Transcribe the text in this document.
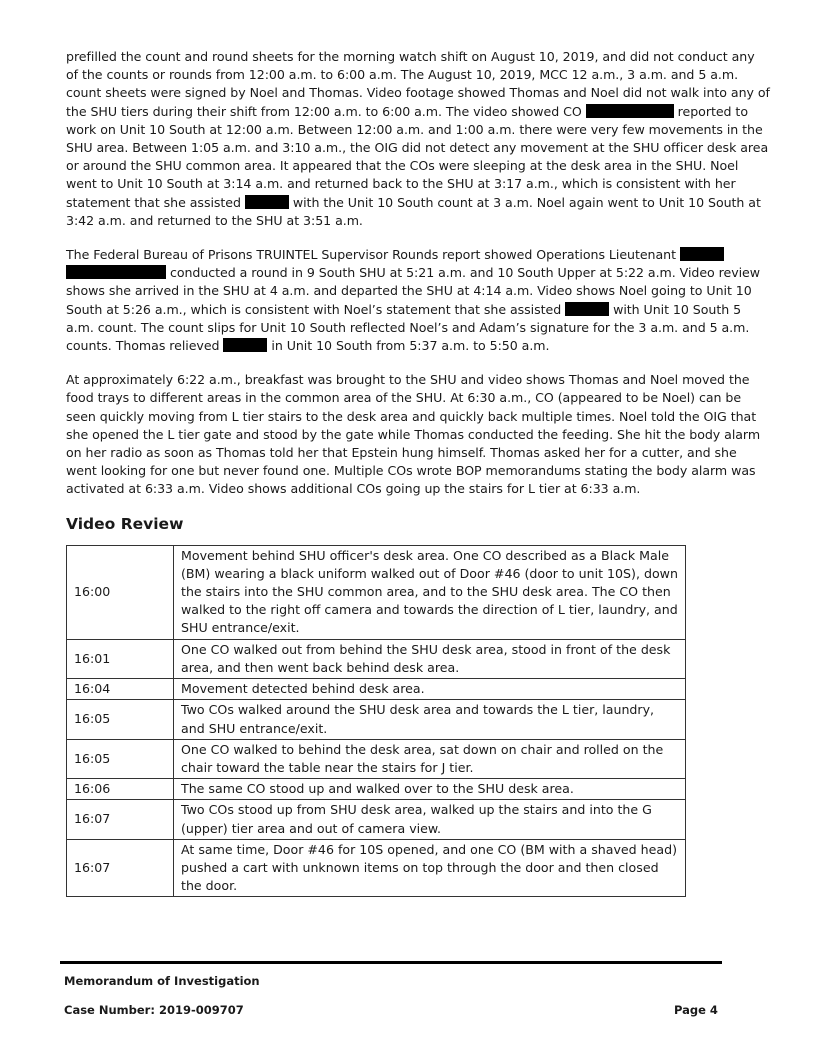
prefilled the count and round sheets for the morning watch shift on August 10, 2019, and did not conduct any of the counts or rounds from 12:00 a.m. to 6:00 a.m. The August 10, 2019, MCC 12 a.m., 3 a.m. and 5 a.m. count sheets were signed by Noel and Thomas. Video footage showed Thomas and Noel did not walk into any of the SHU tiers during their shift from 12:00 a.m. to 6:00 a.m. The video showed CO	reported to work on Unit 10 South at 12:00 a.m. Between 12:00 a.m. and 1:00 a.m. there were very few movements in the SHU area. Between 1:05 a.m. and 3:10 a.m., the OIG did not detect any movement at the SHU officer desk area or around the SHU common area. It appeared that the COs were sleeping at the desk area in the SHU. Noel went to Unit 10 South at 3:14 a.m. and returned back to the SHU at 3:17 a.m., which is consistent with her statement that she assisted	with the Unit 10 South count at 3 a.m. Noel again went to Unit 10 South at 3:42 a.m. and returned to the SHU at 3:51 a.m.

The Federal Bureau of Prisons TRUINTEL Supervisor Rounds report showed Operations Lieutenant   conducted a round in 9 South SHU at 5:21 a.m. and 10 South Upper at 5:22 a.m. Video review shows she arrived in the SHU at 4 a.m. and departed the SHU at 4:14 a.m. Video shows Noel going to Unit 10 South at 5:26 a.m., which is consistent with Noel’s statement that she assisted	with Unit 10 South 5 a.m. count. The count slips for Unit 10 South reflected Noel’s and Adam’s signature for the 3 a.m. and 5 a.m. counts. Thomas relieved	in Unit 10 South from 5:37 a.m. to 5:50 a.m.

At approximately 6:22 a.m., breakfast was brought to the SHU and video shows Thomas and Noel moved the food trays to different areas in the common area of the SHU. At 6:30 a.m., CO (appeared to be Noel) can be seen quickly moving from L tier stairs to the desk area and quickly back multiple times. Noel told the OIG that she opened the L tier gate and stood by the gate while Thomas conducted the feeding. She hit the body alarm on her radio as soon as Thomas told her that Epstein hung himself. Thomas asked her for a cutter, and she went looking for one but never found one. Multiple COs wrote BOP memorandums stating the body alarm was activated at 6:33 a.m. Video shows additional COs going up the stairs for L tier at 6:33 a.m.

Video Review
16:00	Movement behind SHU officer's desk area. One CO described as a Black Male (BM) wearing a black uniform walked out of Door #46 (door to unit 10S), down the stairs into the SHU common area, and to the SHU desk area. The CO then walked to the right off camera and towards the direction of L tier, laundry, and SHU entrance/exit.
16:01	One CO walked out from behind the SHU desk area, stood in front of the desk area, and then went back behind desk area.
16:04	Movement detected behind desk area.
16:05	Two COs walked around the SHU desk area and towards the L tier, laundry, and SHU entrance/exit.
16:05	One CO walked to behind the desk area, sat down on chair and rolled on the chair toward the table near the stairs for J tier.
16:06	The same CO stood up and walked over to the SHU desk area.
16:07	Two COs stood up from SHU desk area, walked up the stairs and into the G (upper) tier area and out of camera view.
16:07	At same time, Door #46 for 10S opened, and one CO (BM with a shaved head) pushed a cart with unknown items on top through the door and then closed the door.
Memorandum of Investigation
Case Number: 2019-009707	Page 4
